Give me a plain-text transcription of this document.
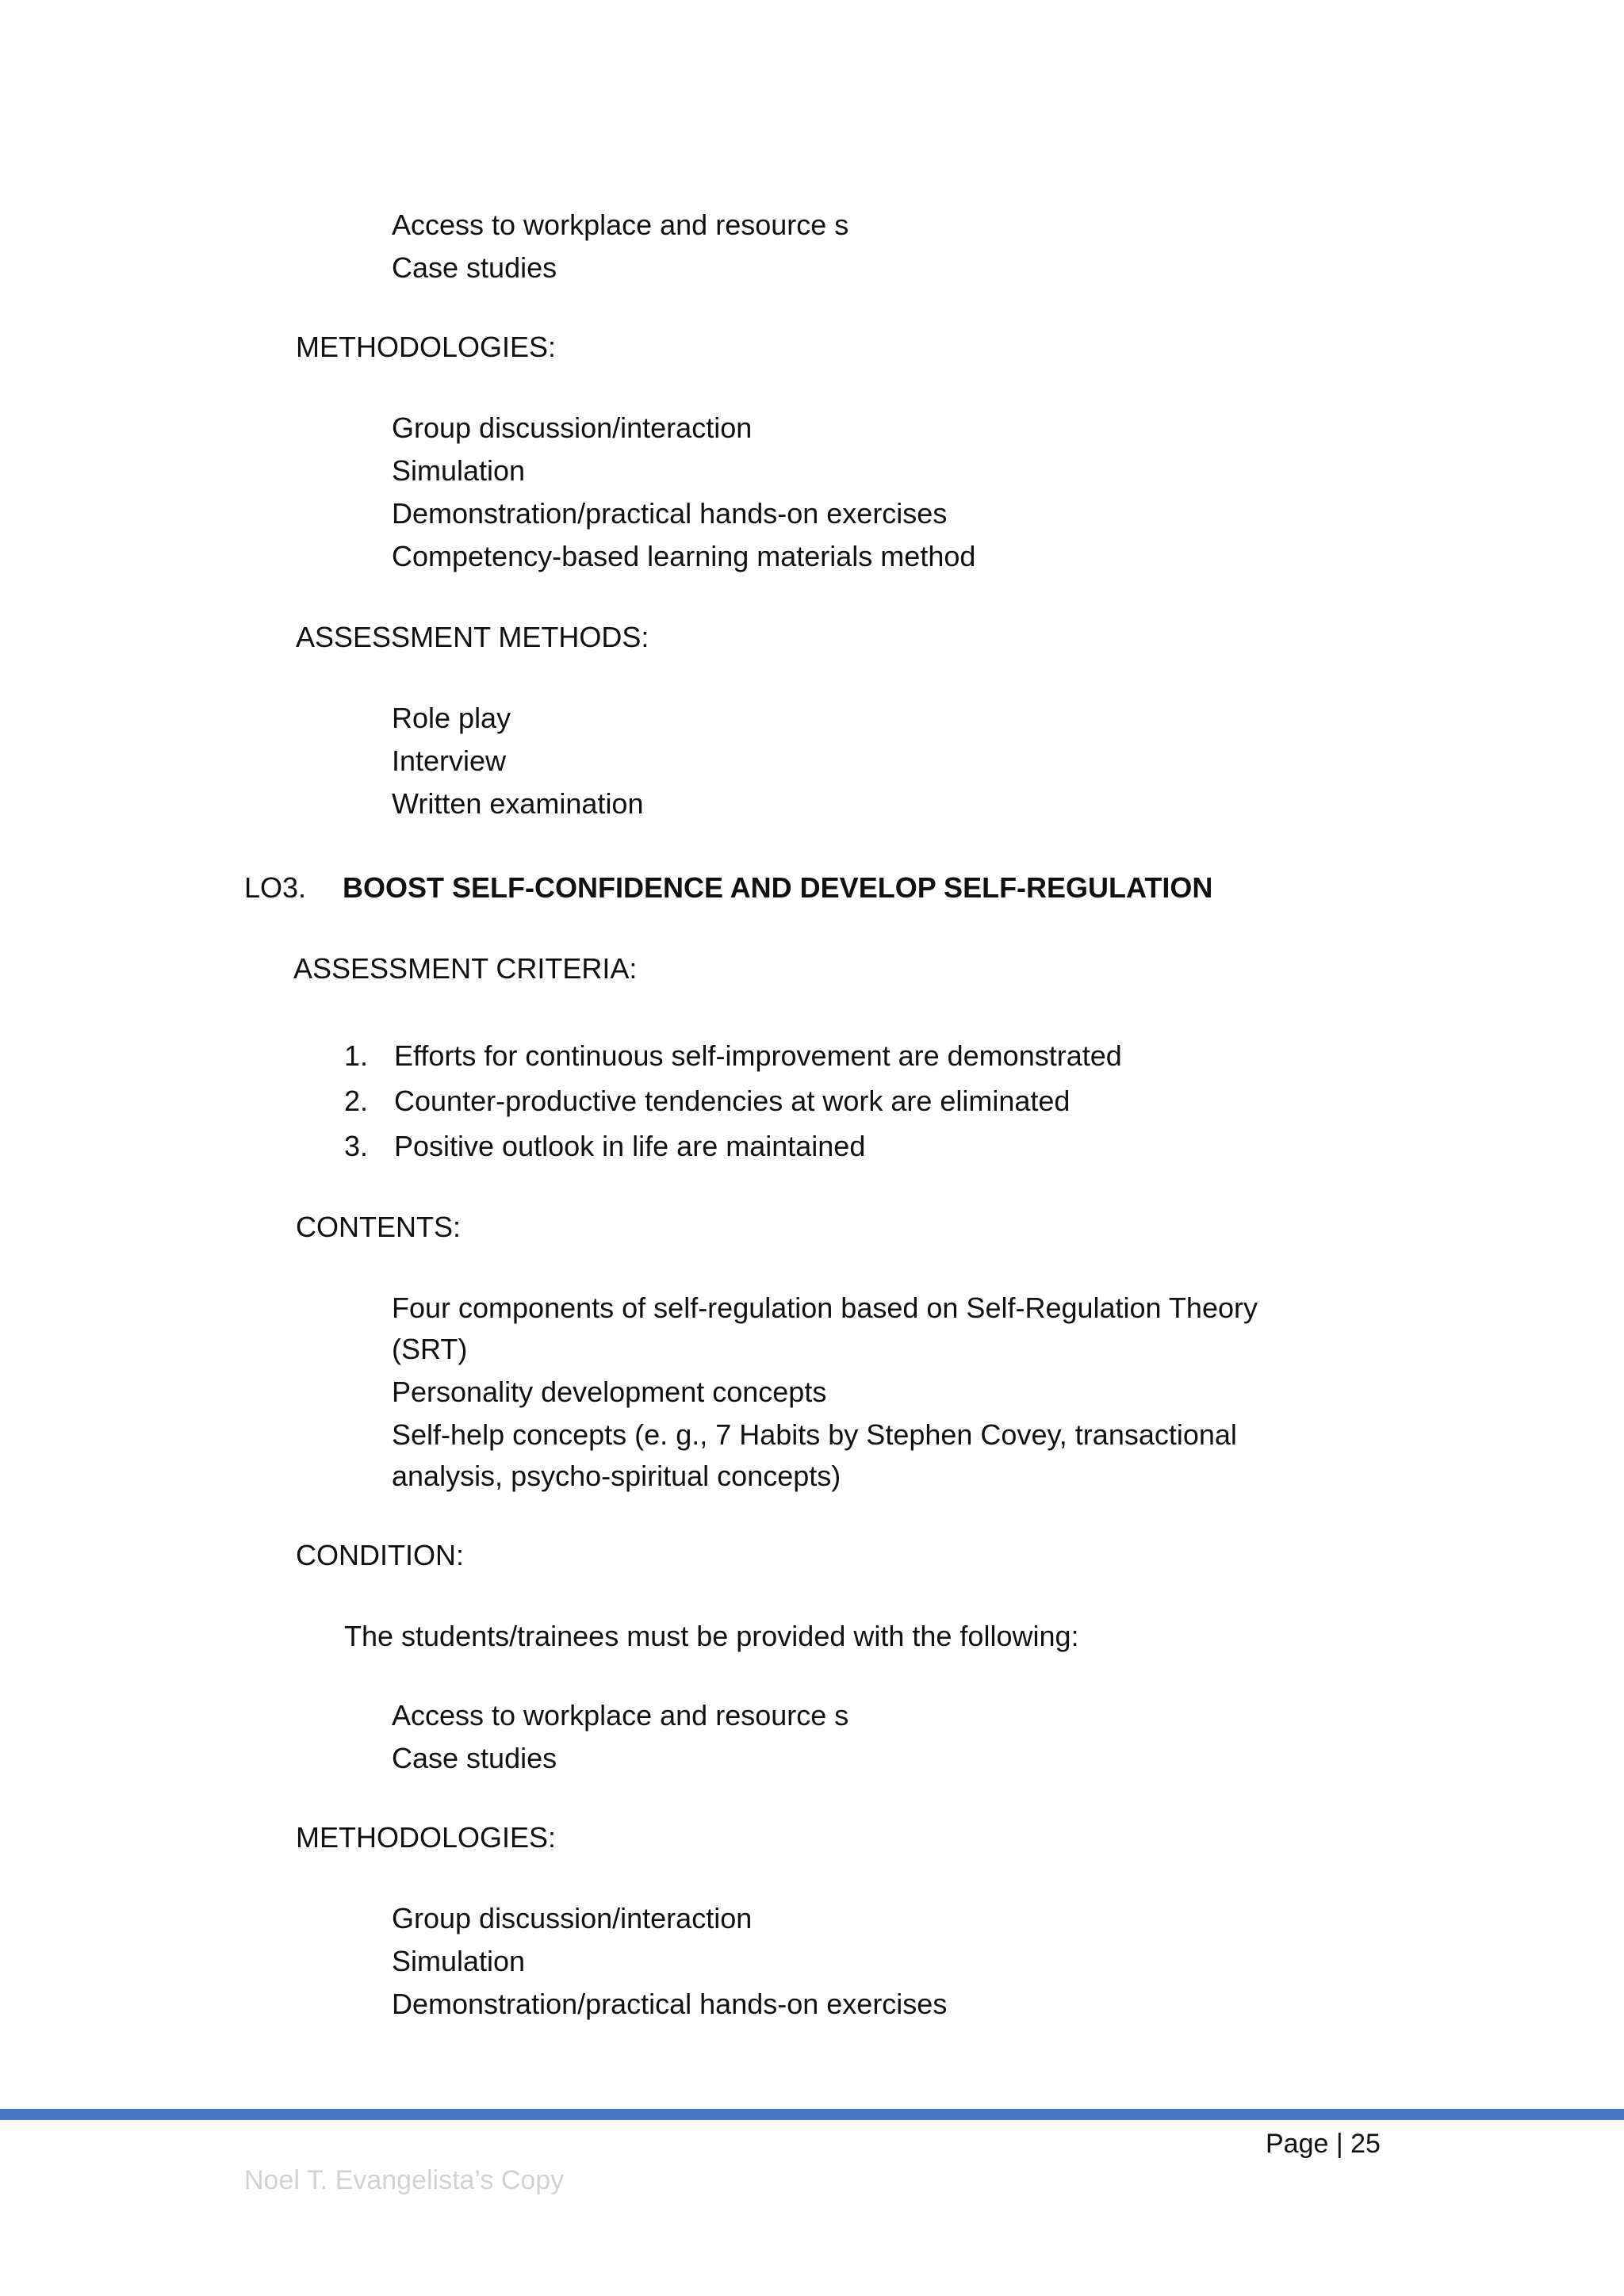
Access to workplace and resource s
Case studies
METHODOLOGIES:
Group discussion/interaction
Simulation
Demonstration/practical hands-on exercises
Competency-based learning materials method
ASSESSMENT METHODS:
Role play
Interview
Written examination
LO3. BOOST SELF-CONFIDENCE AND DEVELOP SELF-REGULATION
ASSESSMENT CRITERIA:
1. Efforts for continuous self-improvement are demonstrated
2. Counter-productive tendencies at work are eliminated
3. Positive outlook in life are maintained
CONTENTS:
Four components of self-regulation based on Self-Regulation Theory
(SRT)
Personality development concepts
Self-help concepts (e. g., 7 Habits by Stephen Covey, transactional
analysis, psycho-spiritual concepts)
CONDITION:
The students/trainees must be provided with the following:
Access to workplace and resource s
Case studies
METHODOLOGIES:
Group discussion/interaction
Simulation
Demonstration/practical hands-on exercises
Page | 25
Noel T. Evangelista’s Copy
